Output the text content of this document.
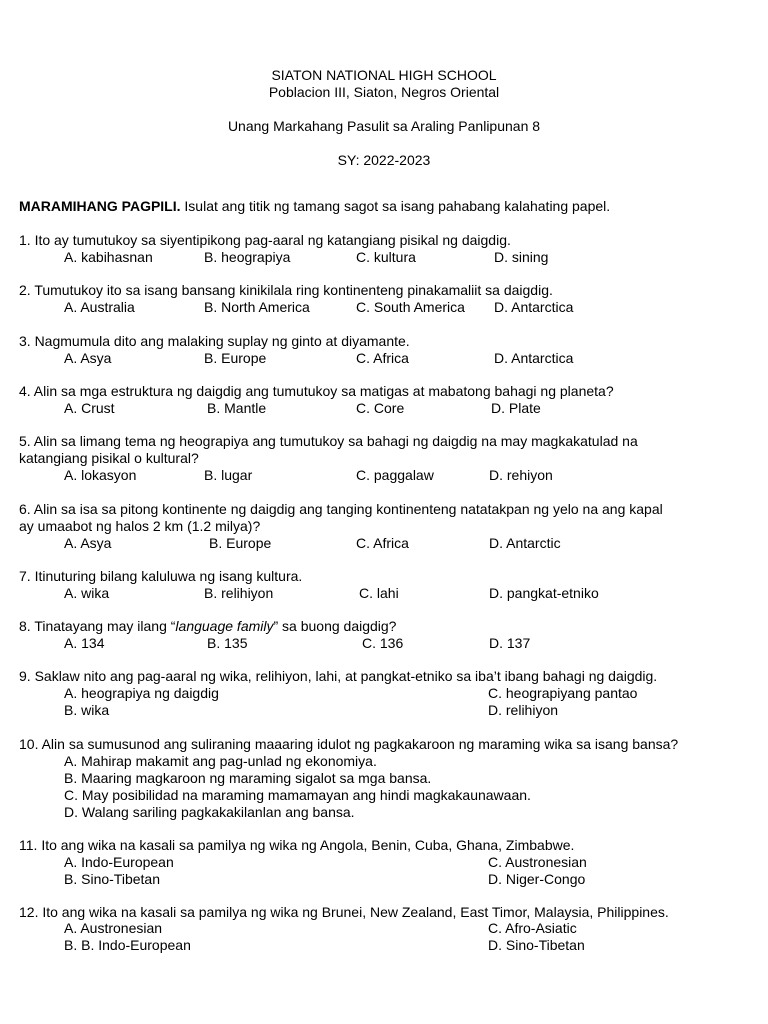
SIATON NATIONAL HIGH SCHOOL
Poblacion III, Siaton, Negros Oriental
Unang Markahang Pasulit sa Araling Panlipunan 8
SY: 2022-2023
MARAMIHANG PAGPILI. Isulat ang titik ng tamang sagot sa isang pahabang kalahating papel.
1. Ito ay tumutukoy sa siyentipikong pag-aaral ng katangiang pisikal ng daigdig.
A. kabihasnan	B. heograpiya	C. kultura	D. sining
2. Tumutukoy ito sa isang bansang kinikilala ring kontinenteng pinakamaliit sa daigdig.
A. Australia	B. North America	C. South America D. Antarctica
3. Nagmumula dito ang malaking suplay ng ginto at diyamante.
A. Asya	B. Europe	C. Africa	D. Antarctica
4. Alin sa mga estruktura ng daigdig ang tumutukoy sa matigas at mabatong bahagi ng planeta?
A. Crust	B. Mantle	C. Core	D. Plate
5. Alin sa limang tema ng heograpiya ang tumutukoy sa bahagi ng daigdig na may magkakatulad na
katangiang pisikal o kultural?
A. lokasyon	B. lugar	C. paggalaw	D. rehiyon
6. Alin sa isa sa pitong kontinente ng daigdig ang tanging kontinenteng natatakpan ng yelo na ang kapal
ay umaabot ng halos 2 km (1.2 milya)?
A. Asya	B. Europe	C. Africa	D. Antarctic
7. Itinuturing bilang kaluluwa ng isang kultura.
A. wika	B. relihiyon	C. lahi	D. pangkat-etniko
8. Tinatayang may ilang “language family” sa buong daigdig?
A. 134	B. 135	C. 136	D. 137
9. Saklaw nito ang pag-aaral ng wika, relihiyon, lahi, at pangkat-etniko sa iba’t ibang bahagi ng daigdig.
A. heograpiya ng daigdig	C. heograpiyang pantao
B. wika	D. relihiyon
10. Alin sa sumusunod ang suliraning maaaring idulot ng pagkakaroon ng maraming wika sa isang bansa?
A. Mahirap makamit ang pag-unlad ng ekonomiya.
B. Maaring magkaroon ng maraming sigalot sa mga bansa.
C. May posibilidad na maraming mamamayan ang hindi magkakaunawaan.
D. Walang sariling pagkakakilanlan ang bansa.
11. Ito ang wika na kasali sa pamilya ng wika ng Angola, Benin, Cuba, Ghana, Zimbabwe.
A. Indo-European	C. Austronesian
B. Sino-Tibetan	D. Niger-Congo
12. Ito ang wika na kasali sa pamilya ng wika ng Brunei, New Zealand, East Timor, Malaysia, Philippines.
A. Austronesian	C. Afro-Asiatic
B. B. Indo-European	D. Sino-Tibetan
